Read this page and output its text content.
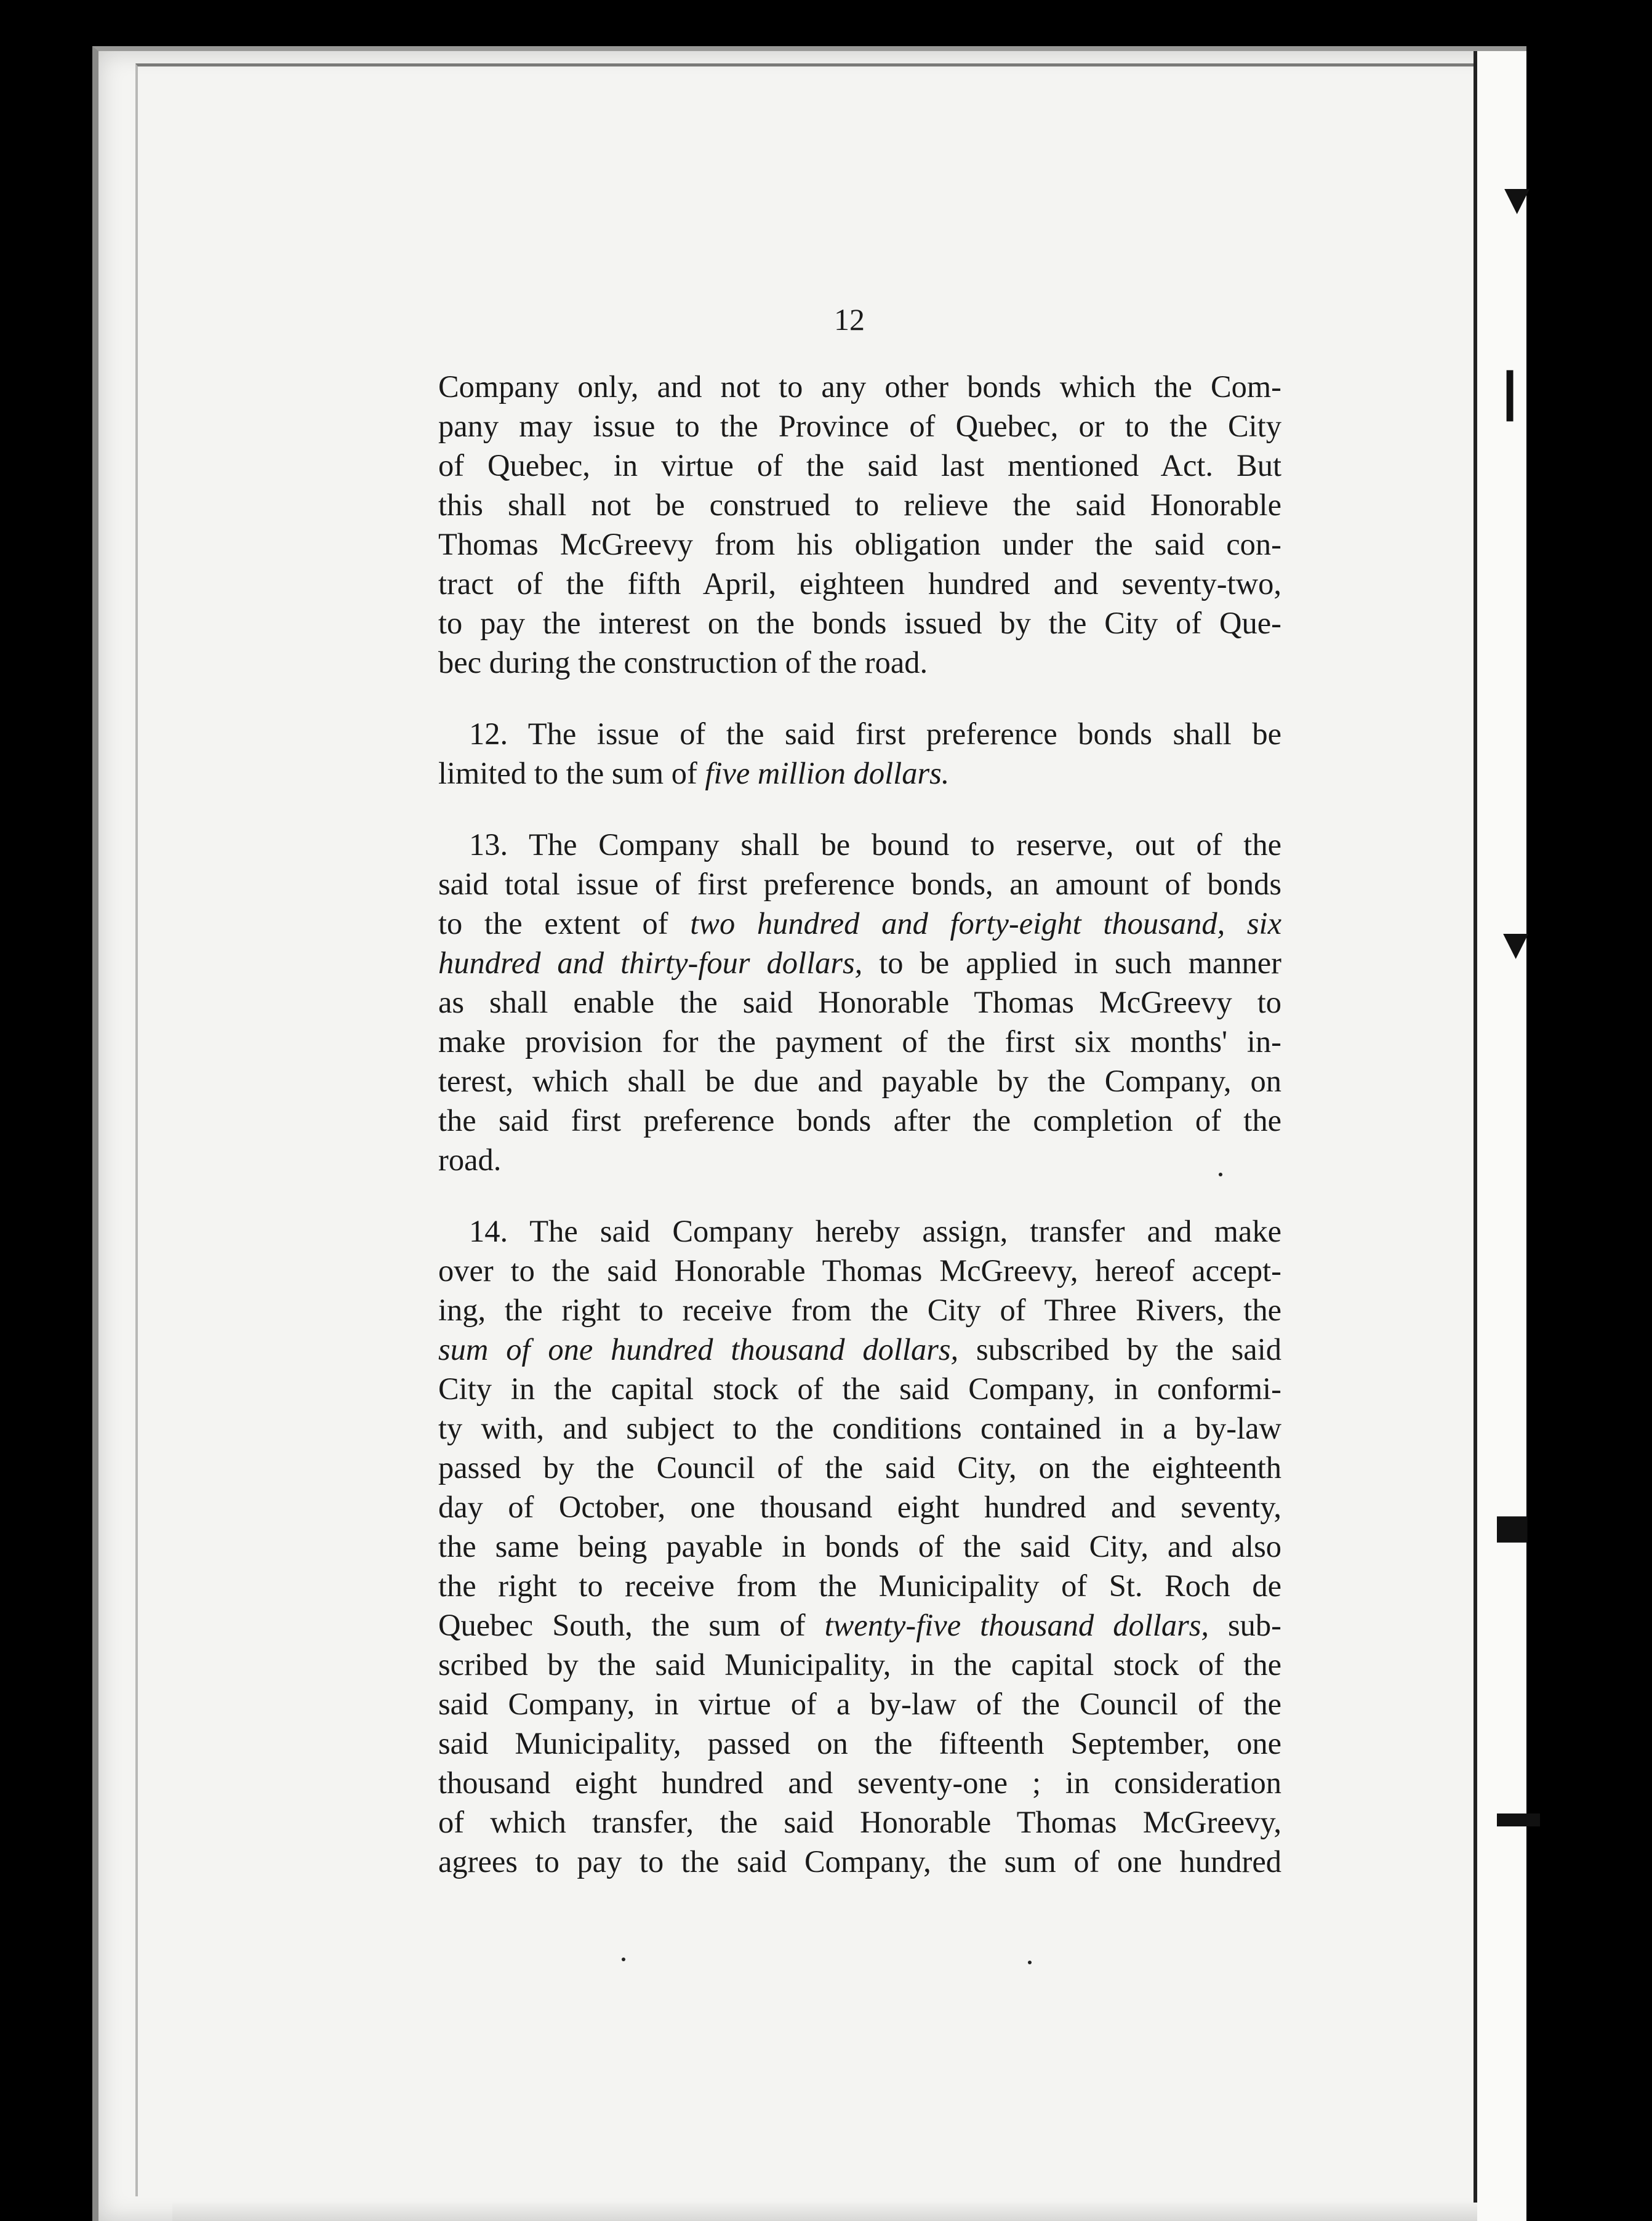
▼
┃
▼
▀
▬
12
Company only, and not to any other bonds which the Com-
pany may issue to the Province of Quebec, or to the City
of Quebec, in virtue of the said last mentioned Act. But
this shall not be construed to relieve the said Honorable
Thomas McGreevy from his obligation under the said con-
tract of the fifth April, eighteen hundred and seventy-two,
to pay the interest on the bonds issued by the City of Que-
bec during the construction of the road.
12. The issue of the said first preference bonds shall be
limited to the sum of five million dollars.
13. The Company shall be bound to reserve, out of the
said total issue of first preference bonds, an amount of bonds
to the extent of two hundred and forty-eight thousand, six
hundred and thirty-four dollars, to be applied in such manner
as shall enable the said Honorable Thomas McGreevy to
make provision for the payment of the first six months' in-
terest, which shall be due and payable by the Company, on
the said first preference bonds after the completion of the
road.
14. The said Company hereby assign, transfer and make
over to the said Honorable Thomas McGreevy, hereof accept-
ing, the right to receive from the City of Three Rivers, the
sum of one hundred thousand dollars, subscribed by the said
City in the capital stock of the said Company, in conformi-
ty with, and subject to the conditions contained in a by-law
passed by the Council of the said City, on the eighteenth
day of October, one thousand eight hundred and seventy,
the same being payable in bonds of the said City, and also
the right to receive from the Municipality of St. Roch de
Quebec South, the sum of twenty-five thousand dollars, sub-
scribed by the said Municipality, in the capital stock of the
said Company, in virtue of a by-law of the Council of the
said Municipality, passed on the fifteenth September, one
thousand eight hundred and seventy-one ; in consideration
of which transfer, the said Honorable Thomas McGreevy,
agrees to pay to the said Company, the sum of one hundred
